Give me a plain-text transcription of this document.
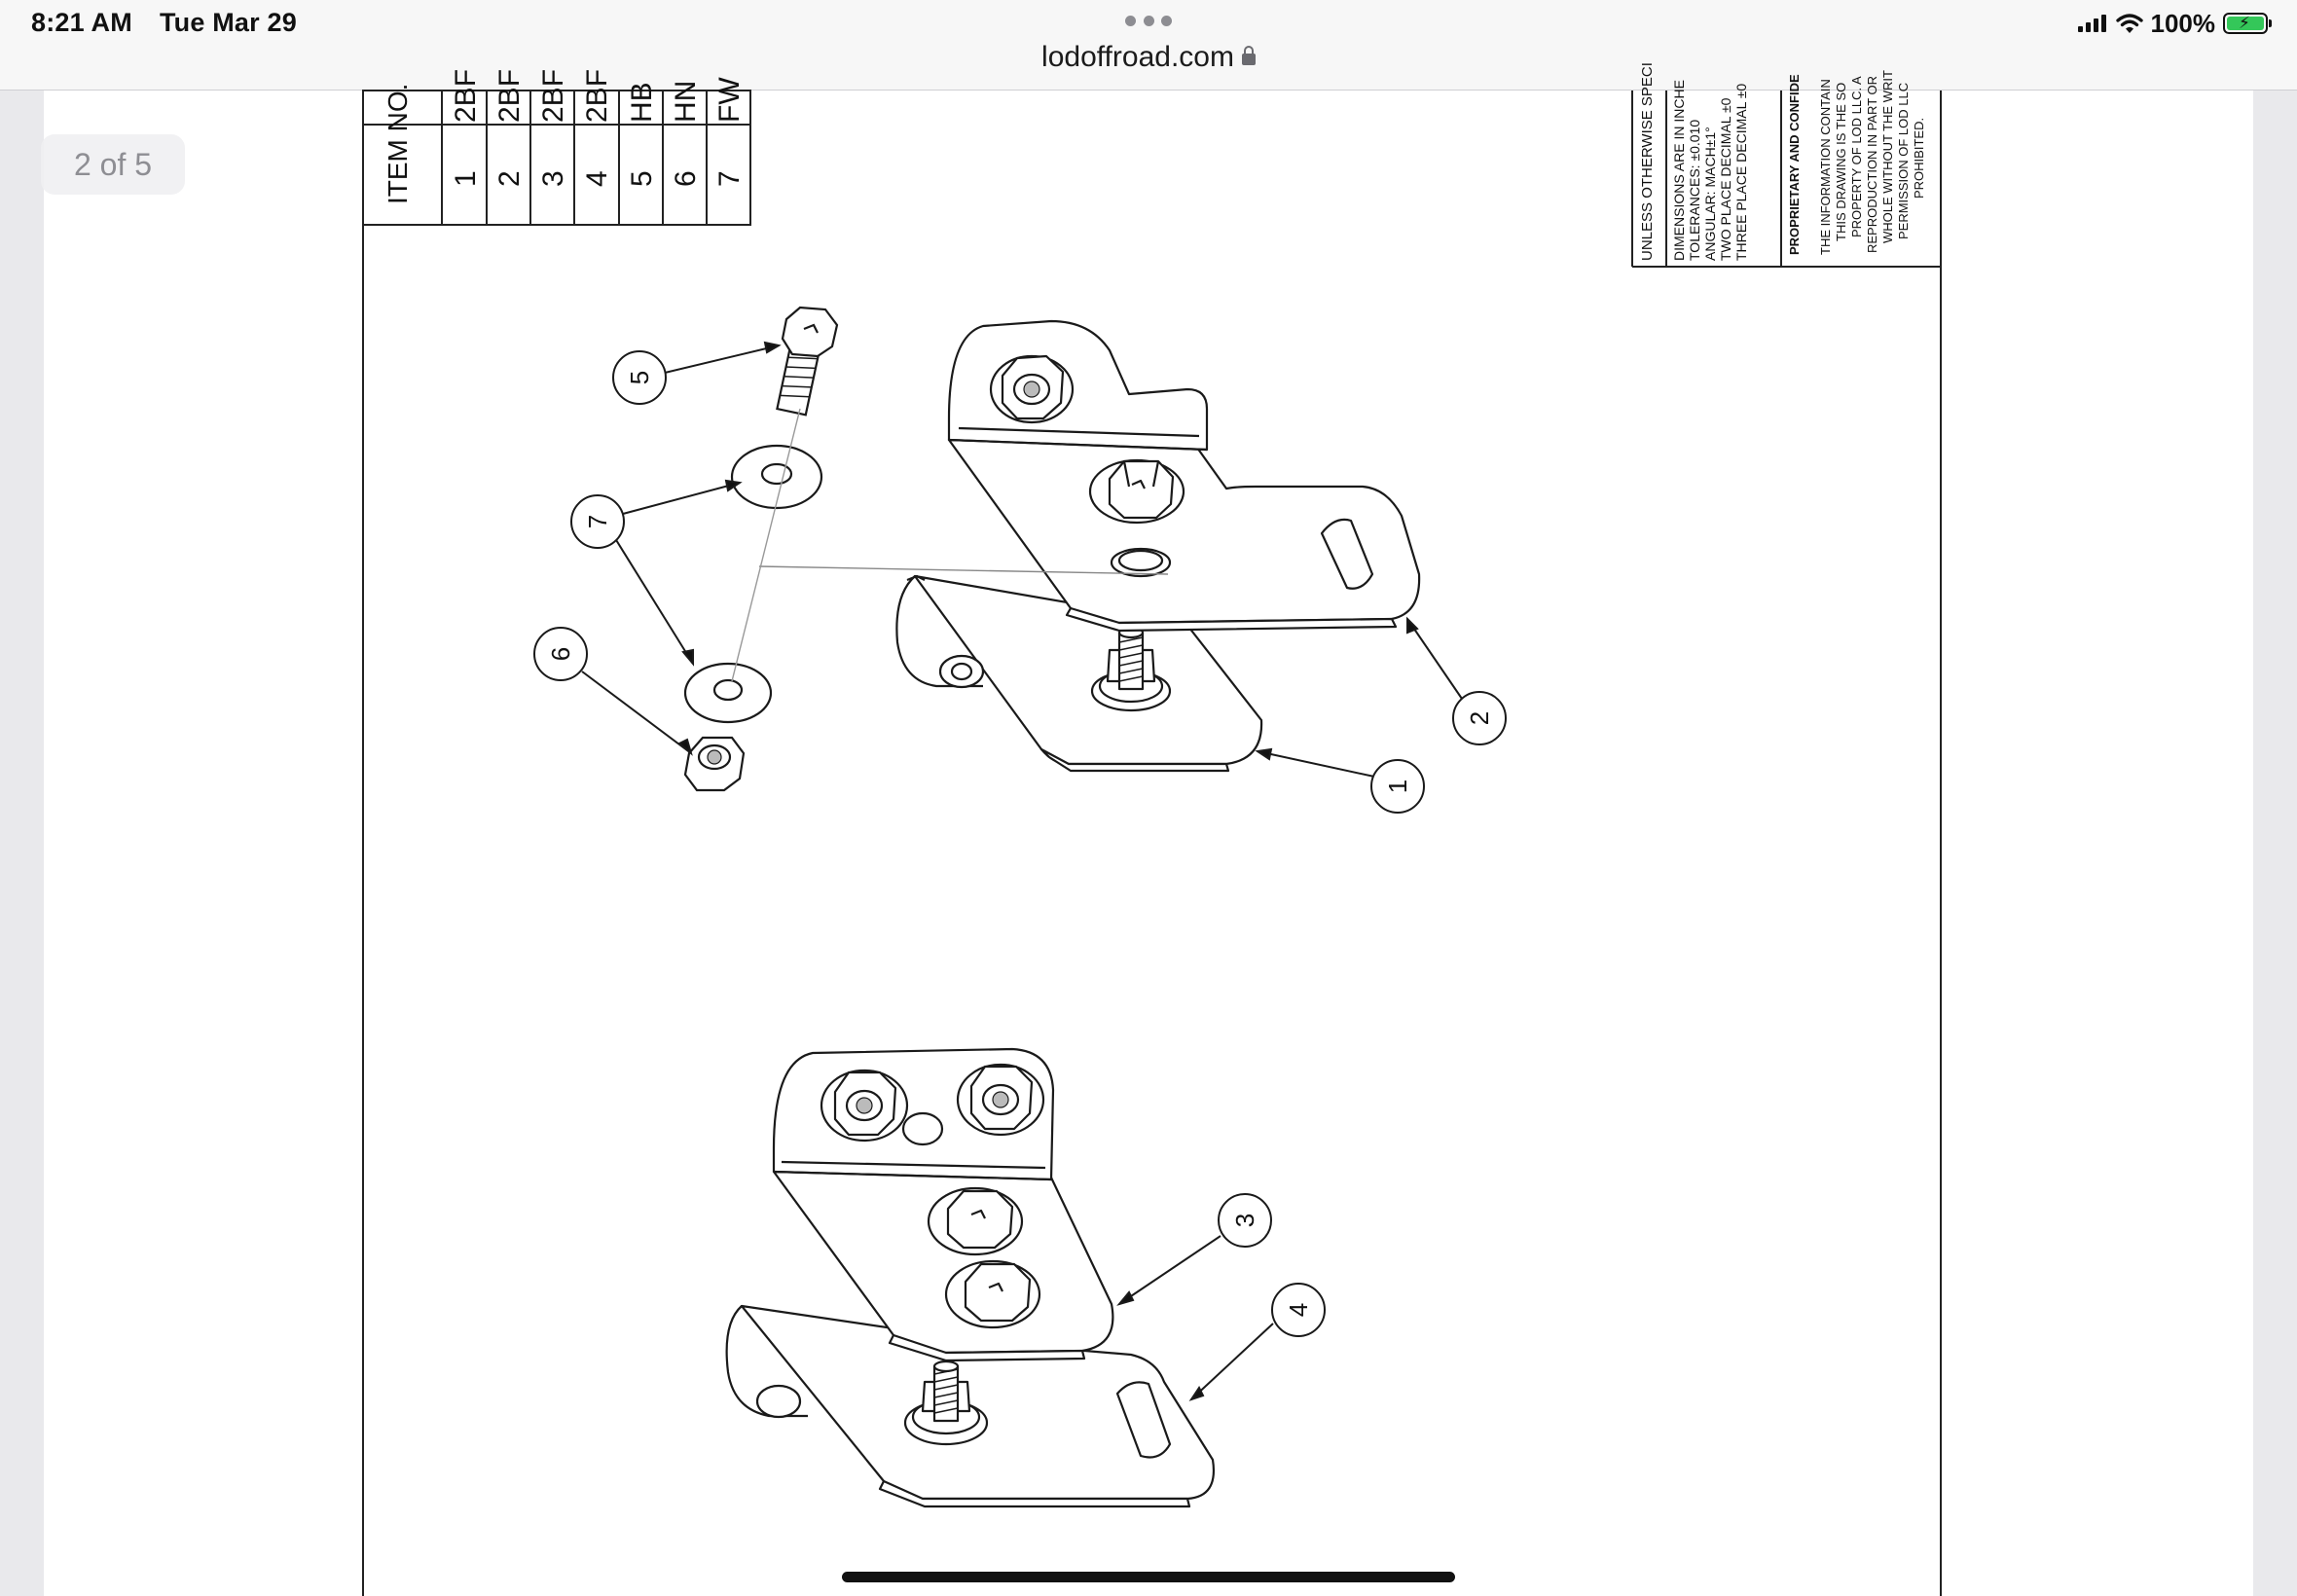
8:21 AM Tue Mar 29
lodoffroad.com
100% ⚡
ITEM NO. 1 2 3 4 5 6 7
2BF 2BF 2BF 2BF HB HN FW	UNLESS OTHERWISE SPECI DIMENSIONS ARE IN INCHE TOLERANCES: ±0.010 ANGULAR: MACH±1° TWO PLACE DECIMAL ±0 THREE PLACE DECIMAL ±0	PROPRIETARY AND CONFIDE THE INFORMATION CONTAIN THIS DRAWING IS THE SO PROPERTY OF LOD LLC. A REPRODUCTION IN PART OR WHOLE WITHOUT THE WRIT PERMISSION OF LOD LLC PROHIBITED.
5
7
6
1
2
3
4
2 of 5
